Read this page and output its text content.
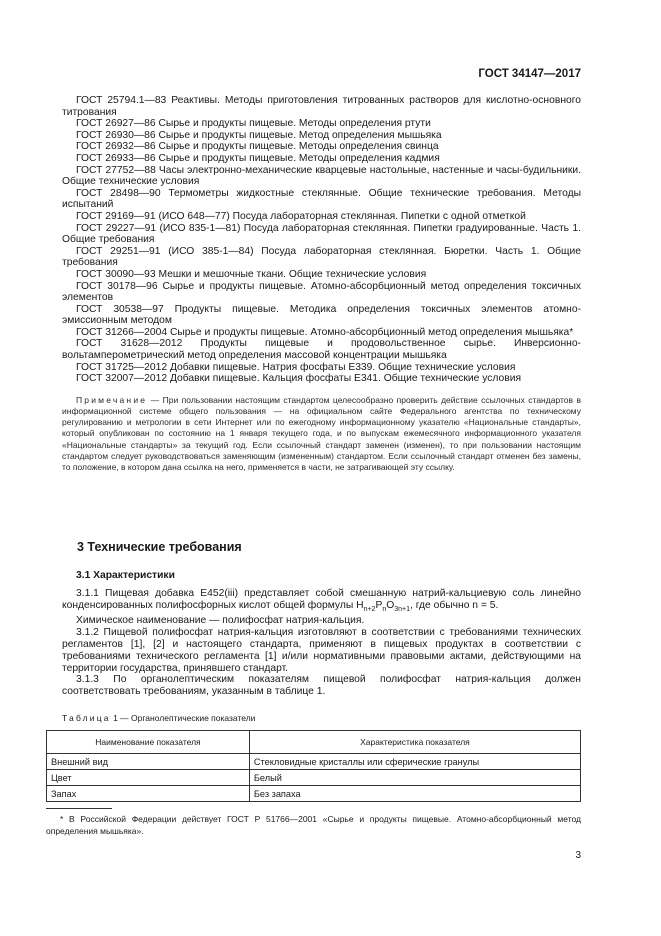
ГОСТ 34147—2017

ГОСТ 25794.1—83 Реактивы. Методы приготовления титрованных растворов для кислотно-основного титрования

ГОСТ 26927—86 Сырье и продукты пищевые. Методы определения ртути

ГОСТ 26930—86 Сырье и продукты пищевые. Метод определения мышьяка

ГОСТ 26932—86 Сырье и продукты пищевые. Методы определения свинца

ГОСТ 26933—86 Сырье и продукты пищевые. Методы определения кадмия

ГОСТ 27752—88 Часы электронно-механические кварцевые настольные, настенные и часы-будильники. Общие технические условия

ГОСТ 28498—90 Термометры жидкостные стеклянные. Общие технические требования. Методы испытаний

ГОСТ 29169—91 (ИСО 648—77) Посуда лабораторная стеклянная. Пипетки с одной отметкой

ГОСТ 29227—91 (ИСО 835-1—81) Посуда лабораторная стеклянная. Пипетки градуированные. Часть 1. Общие требования

ГОСТ 29251—91 (ИСО 385-1—84) Посуда лабораторная стеклянная. Бюретки. Часть 1. Общие требования

ГОСТ 30090—93 Мешки и мешочные ткани. Общие технические условия

ГОСТ 30178—96 Сырье и продукты пищевые. Атомно-абсорбционный метод определения токсичных элементов

ГОСТ 30538—97 Продукты пищевые. Методика определения токсичных элементов атомно-эмиссионным методом

ГОСТ 31266—2004 Сырье и продукты пищевые. Атомно-абсорбционный метод определения мышьяка*

ГОСТ 31628—2012 Продукты пищевые и продовольственное сырье. Инверсионно-вольтамперометрический метод определения массовой концентрации мышьяка

ГОСТ 31725—2012 Добавки пищевые. Натрия фосфаты Е339. Общие технические условия

ГОСТ 32007—2012 Добавки пищевые. Кальция фосфаты Е341. Общие технические условия

Примечание — При пользовании настоящим стандартом целесообразно проверить действие ссылочных стандартов в информационной системе общего пользования — на официальном сайте Федерального агентства по техническому регулированию и метрологии в сети Интернет или по ежегодному информационному указателю «Национальные стандарты», который опубликован по состоянию на 1 января текущего года, и по выпускам ежемесячного информационного указателя «Национальные стандарты» за текущий год. Если ссылочный стандарт заменен (изменен), то при пользовании настоящим стандартом следует руководствоваться заменяющим (измененным) стандартом. Если ссылочный стандарт отменен без замены, то положение, в котором дана ссылка на него, применяется в части, не затрагивающей эту ссылку.
3 Технические требования

3.1 Характеристики

3.1.1 Пищевая добавка Е452(iii) представляет собой смешанную натрий-кальциевую соль линейно конденсированных полифосфорных кислот общей формулы $H_{n+2}P_nO_{3n+1}$, где обычно n = 5.

Химическое наименование — полифосфат натрия-кальция.

3.1.2 Пищевой полифосфат натрия-кальция изготовляют в соответствии с требованиями технических регламентов [1], [2] и настоящего стандарта, применяют в пищевых продуктах в соответствии с требованиями технического регламента [1] и/или нормативными правовыми актами, действующими на территории государства, принявшего стандарт.

3.1.3 По органолептическим показателям пищевой полифосфат натрия-кальция должен соответствовать требованиям, указанным в таблице 1.

Таблица 1 — Органолептические показатели
Наименование показателя	Характеристика показателя
Внешний вид	Стекловидные кристаллы или сферические гранулы
Цвет	Белый
Запах	Без запаха
* В Российской Федерации действует ГОСТ Р 51766—2001 «Сырье и продукты пищевые. Атомно-абсорбционный метод определения мышьяка».
3
